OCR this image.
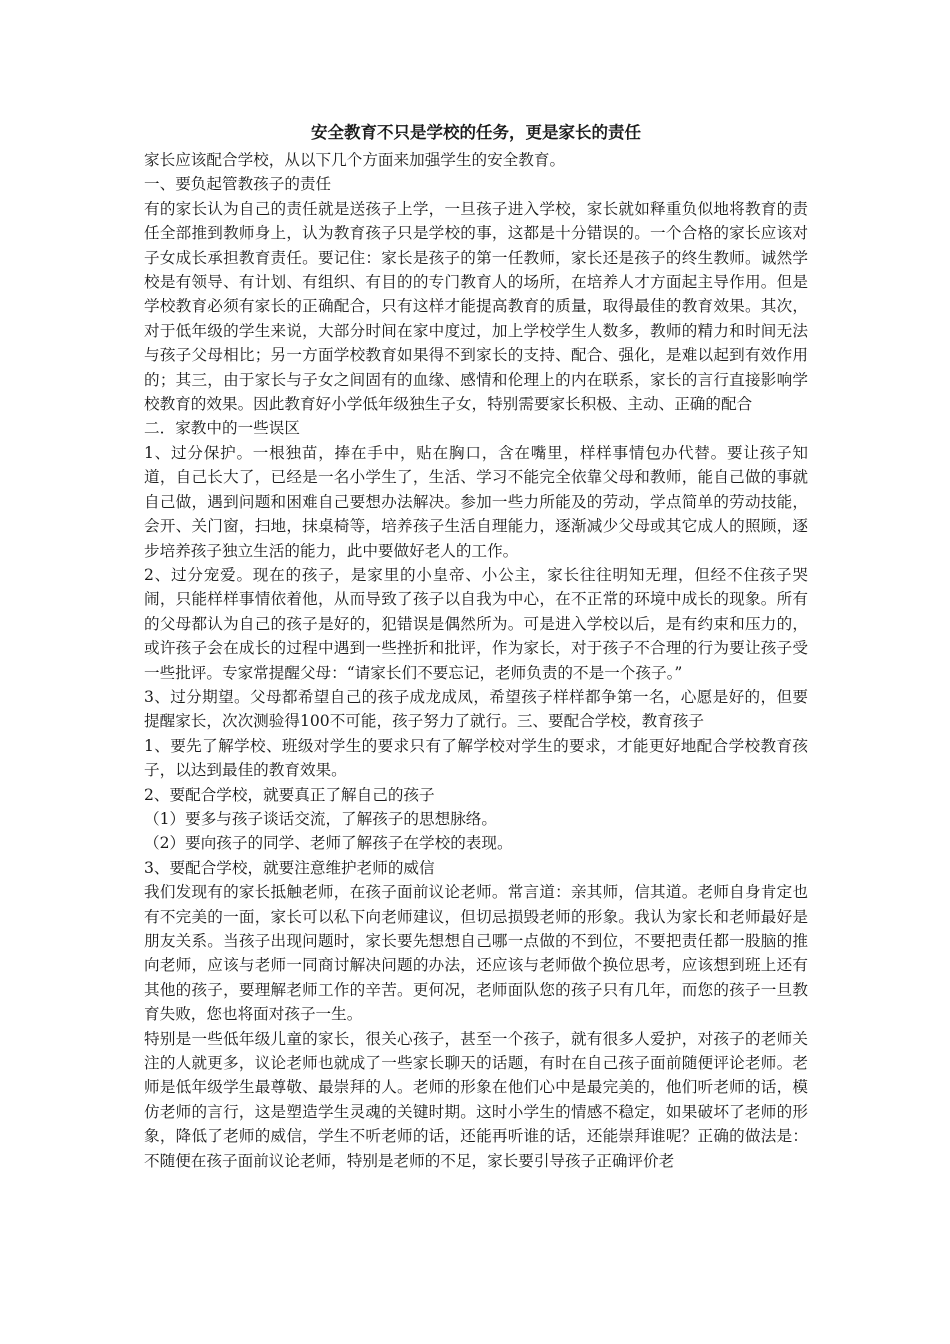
安全教育不只是学校的任务，更是家长的责任

家长应该配合学校，从以下几个方面来加强学生的安全教育。

一、要负起管教孩子的责任

有的家长认为自己的责任就是送孩子上学，一旦孩子进入学校，家长就如释重负似地将教育的责任全部推到教师身上，认为教育孩子只是学校的事，这都是十分错误的。一个合格的家长应该对子女成长承担教育责任。要记住：家长是孩子的第一任教师，家长还是孩子的终生教师。诚然学校是有领导、有计划、有组织、有目的的专门教育人的场所，在培养人才方面起主导作用。但是学校教育必须有家长的正确配合，只有这样才能提高教育的质量，取得最佳的教育效果。其次，对于低年级的学生来说，大部分时间在家中度过，加上学校学生人数多，教师的精力和时间无法与孩子父母相比；另一方面学校教育如果得不到家长的支持、配合、强化，是难以起到有效作用的；其三，由于家长与子女之间固有的血缘、感情和伦理上的内在联系，家长的言行直接影响学校教育的效果。因此教育好小学低年级独生子女，特别需要家长积极、主动、正确的配合

二．家教中的一些误区

1、过分保护。一根独苗，捧在手中，贴在胸口，含在嘴里，样样事情包办代替。要让孩子知道，自己长大了，已经是一名小学生了，生活、学习不能完全依靠父母和教师，能自己做的事就自己做，遇到问题和困难自己要想办法解决。参加一些力所能及的劳动，学点简单的劳动技能，会开、关门窗，扫地，抹桌椅等，培养孩子生活自理能力，逐渐减少父母或其它成人的照顾，逐步培养孩子独立生活的能力，此中要做好老人的工作。

2、过分宠爱。现在的孩子，是家里的小皇帝、小公主，家长往往明知无理，但经不住孩子哭闹，只能样样事情依着他，从而导致了孩子以自我为中心，在不正常的环境中成长的现象。所有的父母都认为自己的孩子是好的，犯错误是偶然所为。可是进入学校以后，是有约束和压力的，或许孩子会在成长的过程中遇到一些挫折和批评，作为家长，对于孩子不合理的行为要让孩子受一些批评。专家常提醒父母：“请家长们不要忘记，老师负责的不是一个孩子。”

3、过分期望。父母都希望自己的孩子成龙成凤，希望孩子样样都争第一名，心愿是好的，但要提醒家长，次次测验得100不可能，孩子努力了就行。三、要配合学校，教育孩子

1、要先了解学校、班级对学生的要求只有了解学校对学生的要求，才能更好地配合学校教育孩子，以达到最佳的教育效果。

2、要配合学校，就要真正了解自己的孩子

（1）要多与孩子谈话交流，了解孩子的思想脉络。

（2）要向孩子的同学、老师了解孩子在学校的表现。

3、要配合学校，就要注意维护老师的威信

我们发现有的家长抵触老师，在孩子面前议论老师。常言道：亲其师，信其道。老师自身肯定也有不完美的一面，家长可以私下向老师建议，但切忌损毁老师的形象。我认为家长和老师最好是朋友关系。当孩子出现问题时，家长要先想想自己哪一点做的不到位，不要把责任都一股脑的推向老师，应该与老师一同商讨解决问题的办法，还应该与老师做个换位思考，应该想到班上还有其他的孩子，要理解老师工作的辛苦。更何况，老师面队您的孩子只有几年，而您的孩子一旦教育失败，您也将面对孩子一生。

特别是一些低年级儿童的家长，很关心孩子，甚至一个孩子，就有很多人爱护，对孩子的老师关注的人就更多，议论老师也就成了一些家长聊天的话题，有时在自己孩子面前随便评论老师。老师是低年级学生最尊敬、最崇拜的人。老师的形象在他们心中是最完美的，他们听老师的话，模仿老师的言行，这是塑造学生灵魂的关键时期。这时小学生的情感不稳定，如果破坏了老师的形象，降低了老师的威信，学生不听老师的话，还能再听谁的话，还能崇拜谁呢？正确的做法是：不随便在孩子面前议论老师，特别是老师的不足，家长要引导孩子正确评价老
